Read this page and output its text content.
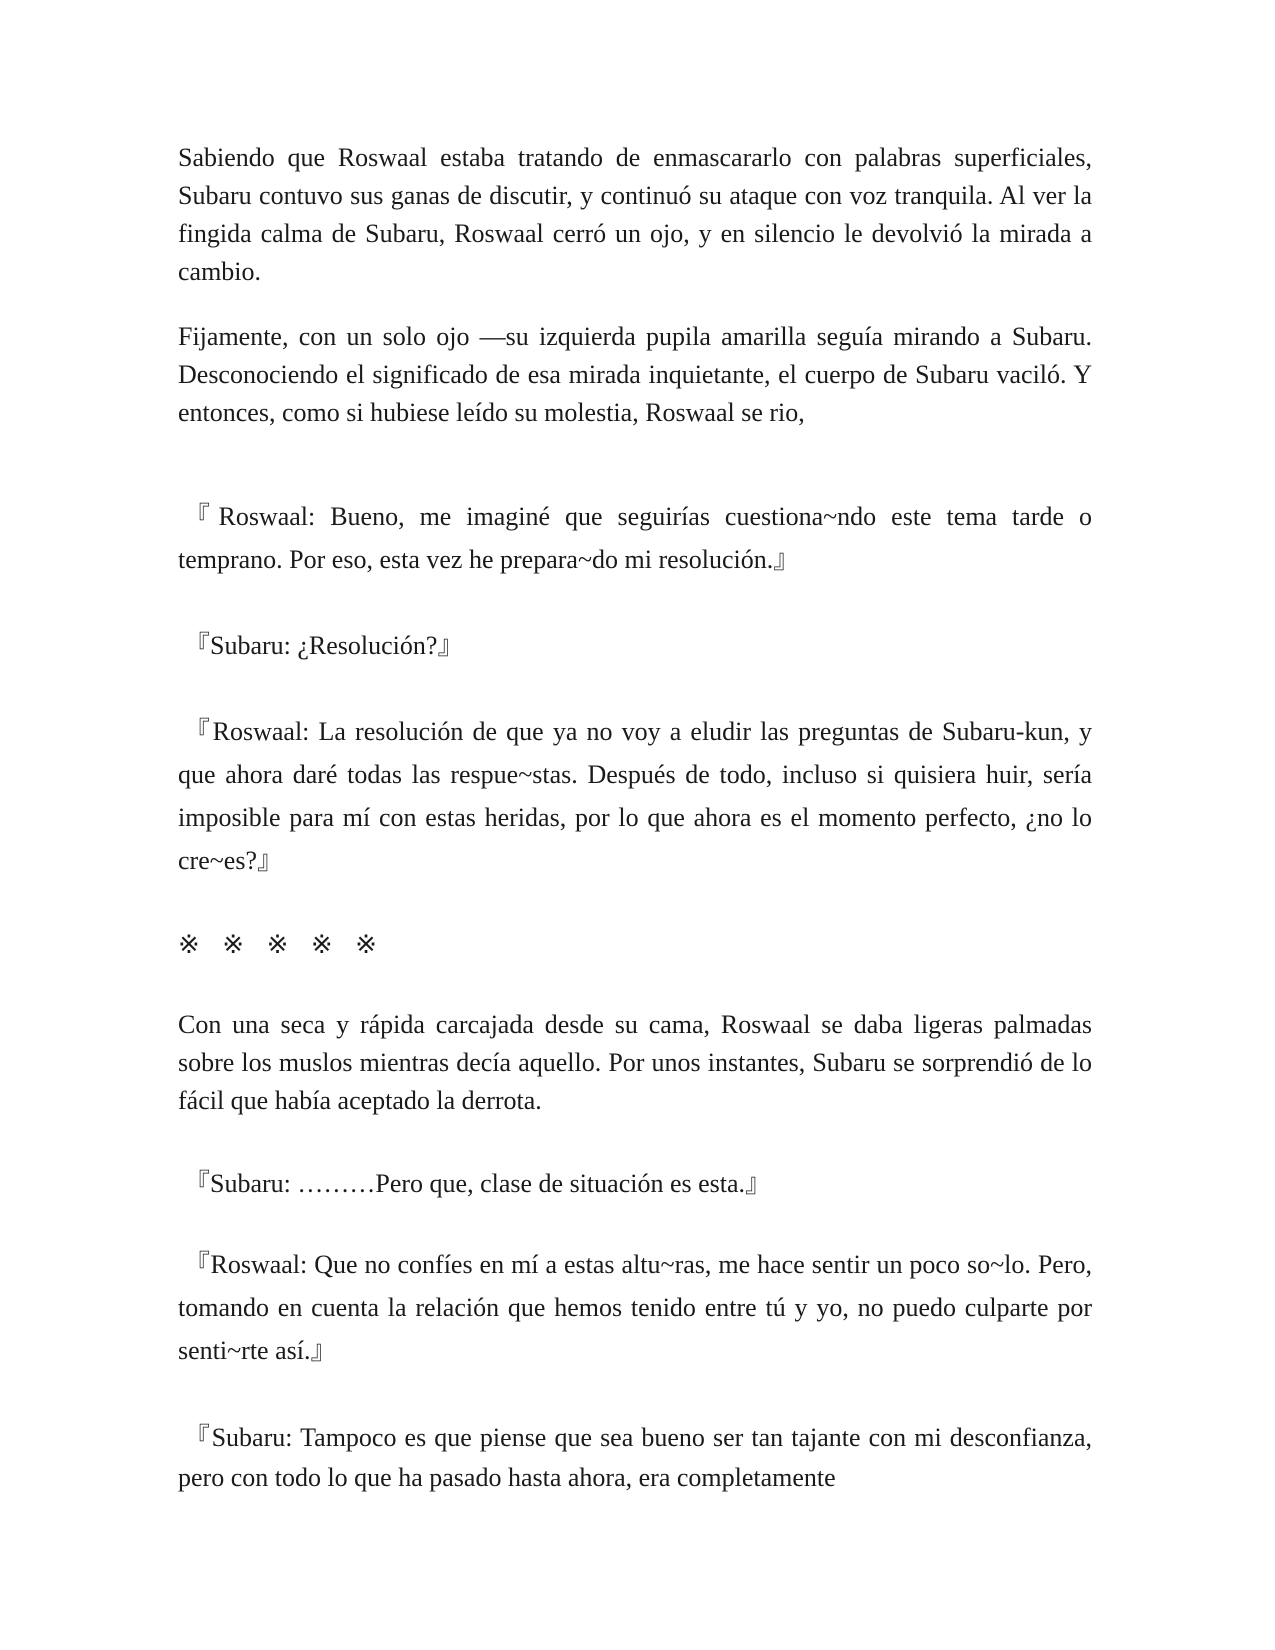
Sabiendo que Roswaal estaba tratando de enmascararlo con palabras superficiales, Subaru contuvo sus ganas de discutir, y continuó su ataque con voz tranquila. Al ver la fingida calma de Subaru, Roswaal cerró un ojo, y en silencio le devolvió la mirada a cambio.

Fijamente, con un solo ojo —su izquierda pupila amarilla seguía mirando a Subaru. Desconociendo el significado de esa mirada inquietante, el cuerpo de Subaru vaciló. Y entonces, como si hubiese leído su molestia, Roswaal se rio,

『Roswaal: Bueno, me imaginé que seguirías cuestiona~ndo este tema tarde o temprano. Por eso, esta vez he prepara~do mi resolución.』

『Subaru: ¿Resolución?』

『Roswaal: La resolución de que ya no voy a eludir las preguntas de Subaru-kun, y que ahora daré todas las respue~stas. Después de todo, incluso si quisiera huir, sería imposible para mí con estas heridas, por lo que ahora es el momento perfecto, ¿no lo cre~es?』

※ ※ ※ ※ ※

Con una seca y rápida carcajada desde su cama, Roswaal se daba ligeras palmadas sobre los muslos mientras decía aquello. Por unos instantes, Subaru se sorprendió de lo fácil que había aceptado la derrota.

『Subaru: ………Pero que, clase de situación es esta.』

『Roswaal: Que no confíes en mí a estas altu~ras, me hace sentir un poco so~lo. Pero, tomando en cuenta la relación que hemos tenido entre tú y yo, no puedo culparte por senti~rte así.』

『Subaru: Tampoco es que piense que sea bueno ser tan tajante con mi desconfianza, pero con todo lo que ha pasado hasta ahora, era completamente
